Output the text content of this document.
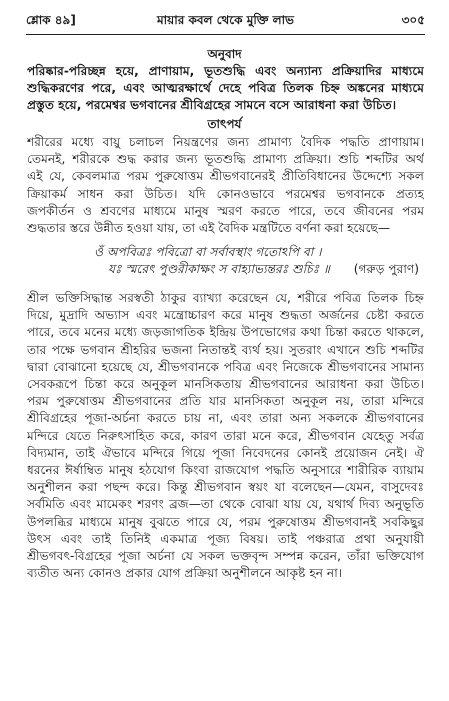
শ্লোক ৪৯]	মায়ার কবল থেকে মুক্তি লাভ	৩০৫
অনুবাদ
পরিষ্কার-পরিচ্ছন্ন হয়ে, প্রাণায়াম, ভূতশুদ্ধি এবং অন্যান্য প্রক্রিয়াদির মাধ্যমে
শুদ্ধিকরণের পরে, এবং আত্মরক্ষার্থে দেহে পবিত্র তিলক চিহ্ন অঙ্কনের মাধ্যমে
প্রস্তুত হয়ে, পরমেশ্বর ভগবানের শ্রীবিগ্রহের সামনে বসে আরাধনা করা উচিত।
তাৎপর্য
শরীরের মধ্যে বায়ু চলাচল নিয়ন্ত্রণের জন্য প্রামাণ্য বৈদিক পদ্ধতি প্রাণায়াম।
তেমনই, শরীরকে শুদ্ধ করার জন্য ভূতশুদ্ধি প্রামাণ্য প্রক্রিয়া। শুচি শব্দটির অর্থ
এই যে, কেবলমাত্র পরম পুরুষোত্তম শ্রীভগবানেরই প্রীতিবিধানের উদ্দেশ্যে সকল
ক্রিয়াকর্ম সাধন করা উচিত। যদি কোনওভাবে পরমেশ্বর ভগবানকে প্রত্যহ
জপকীর্তন ও শ্রবণের মাধ্যমে মানুষ স্মরণ করতে পারে, তবে জীবনের পরম
শুদ্ধতার স্তরে উন্নীত হওয়া যায়, তা এই বৈদিক মন্ত্রটিতে বর্ণনা করা হয়েছে—
ওঁ অপবিত্রঃ পবিত্রো বা সর্বাবস্থাং গতোঽপি বা ।
যঃ স্মরেৎ পুণ্ডরীকাক্ষং স বাহ্যাভ্যন্তরঃ শুচিঃ ॥ (গরুড় পুরাণ)
শ্রীল ভক্তিসিদ্ধান্ত সরস্বতী ঠাকুর ব্যাখ্যা করেছেন যে, শরীরে পবিত্র তিলক চিহ্ন
দিয়ে, মুদ্রাদি অভ্যাস এবং মন্ত্রোচ্চারণ করে মানুষ শুদ্ধতা অর্জনের চেষ্টা করতে
পারে, তবে মনের মধ্যে জড়জাগতিক ইন্দ্রিয় উপভোগের কথা চিন্তা করতে থাকলে,
তার পক্ষে ভগবান শ্রীহরির ভজনা নিতান্তই ব্যর্থ হয়। সুতরাং এখানে শুচি শব্দটির
দ্বারা বোঝানো হয়েছে যে, শ্রীভগবানকে পবিত্র এবং নিজেকে শ্রীভগবানের সামান্য
সেবকরূপে চিন্তা করে অনুকূল মানসিকতায় শ্রীভগবানের আরাধনা করা উচিত।
পরম পুরুষোত্তম শ্রীভগবানের প্রতি যার মানসিকতা অনুকূল নয়, তারা মন্দিরে
শ্রীবিগ্রহের পূজা-অর্চনা করতে চায় না, এবং তারা অন্য সকলকে শ্রীভগবানের
মন্দিরে যেতে নিরুৎসাহিত করে, কারণ তারা মনে করে, শ্রীভগবান যেহেতু সর্বত্র
বিদ্যমান, তাই ঐভাবে মন্দিরে গিয়ে পূজা নিবেদনের কোনই প্রয়োজন নেই। ঐ
ধরনের ঈর্ষাম্বিত মানুষ হঠযোগ কিংবা রাজযোগ পদ্ধতি অনুসারে শারীরিক ব্যায়াম
অনুশীলন করা পছন্দ করে। কিন্তু শ্রীভগবান স্বয়ং যা বলেছেন—যেমন, বাসুদেবঃ
সর্বমিতি এবং মামেকং শরণং ব্রজ—তা থেকে বোঝা যায় যে, যথার্থ দিব্য অনুভূতি
উপলব্ধির মাধ্যমে মানুষ বুঝতে পারে যে, পরম পুরুষোত্তম শ্রীভগবানই সবকিছুর
উৎস এবং তাই তিনিই একমাত্র পূজ্য বিষয়। তাই পঞ্চরাত্র প্রথা অনুযায়ী
শ্রীভগবৎ-বিগ্রহের পূজা অর্চনা যে সকল ভক্তবৃন্দ সম্পন্ন করেন, তাঁরা ভক্তিযোগ
ব্যতীত অন্য কোনও প্রকার যোগ প্রক্রিয়া অনুশীলনে আকৃষ্ট হন না।
